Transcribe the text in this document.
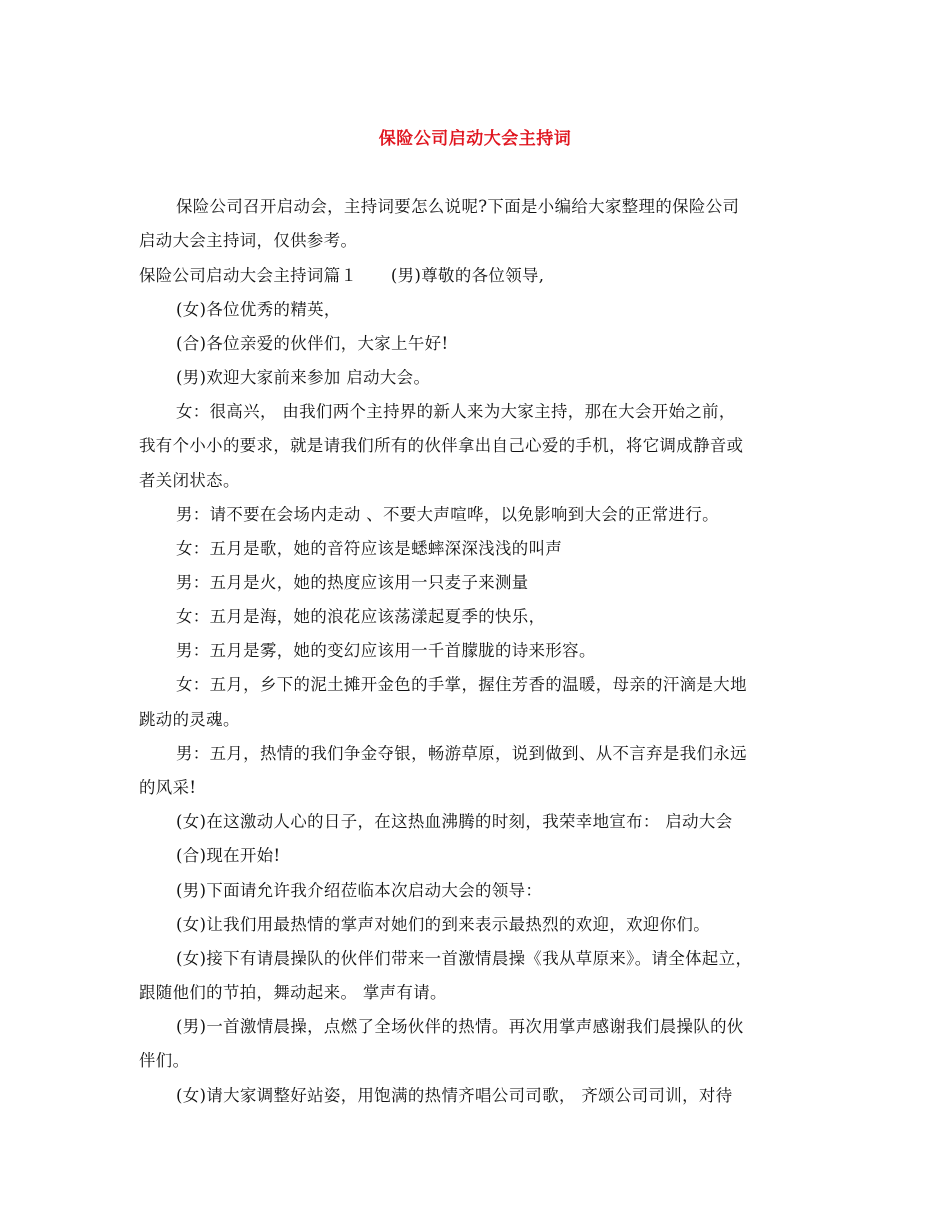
保险公司启动大会主持词
保险公司召开启动会，主持词要怎么说呢?下面是小编给大家整理的保险公司
启动大会主持词，仅供参考。
保险公司启动大会主持词篇１　　(男)尊敬的各位领导,
(女)各位优秀的精英，
(合)各位亲爱的伙伴们，大家上午好!
(男)欢迎大家前来参加 启动大会。
女：很高兴， 由我们两个主持界的新人来为大家主持，那在大会开始之前，
我有个小小的要求，就是请我们所有的伙伴拿出自己心爱的手机，将它调成静音或
者关闭状态。
男：请不要在会场内走动 、不要大声喧哗，以免影响到大会的正常进行。
女：五月是歌，她的音符应该是蟋蟀深深浅浅的叫声
男：五月是火，她的热度应该用一只麦子来测量
女：五月是海，她的浪花应该荡漾起夏季的快乐，
男：五月是雾，她的变幻应该用一千首朦胧的诗来形容。
女：五月，乡下的泥土摊开金色的手掌，握住芳香的温暖，母亲的汗滴是大地
跳动的灵魂。
男：五月，热情的我们争金夺银，畅游草原，说到做到、从不言弃是我们永远
的风采!
(女)在这激动人心的日子，在这热血沸腾的时刻，我荣幸地宣布： 启动大会
(合)现在开始!
(男)下面请允许我介绍莅临本次启动大会的领导：
(女)让我们用最热情的掌声对她们的到来表示最热烈的欢迎，欢迎你们。
(女)接下有请晨操队的伙伴们带来一首激情晨操《我从草原来》。请全体起立，
跟随他们的节拍，舞动起来。 掌声有请。
(男)一首激情晨操，点燃了全场伙伴的热情。再次用掌声感谢我们晨操队的伙
伴们。
(女)请大家调整好站姿，用饱满的热情齐唱公司司歌， 齐颂公司司训，对待
